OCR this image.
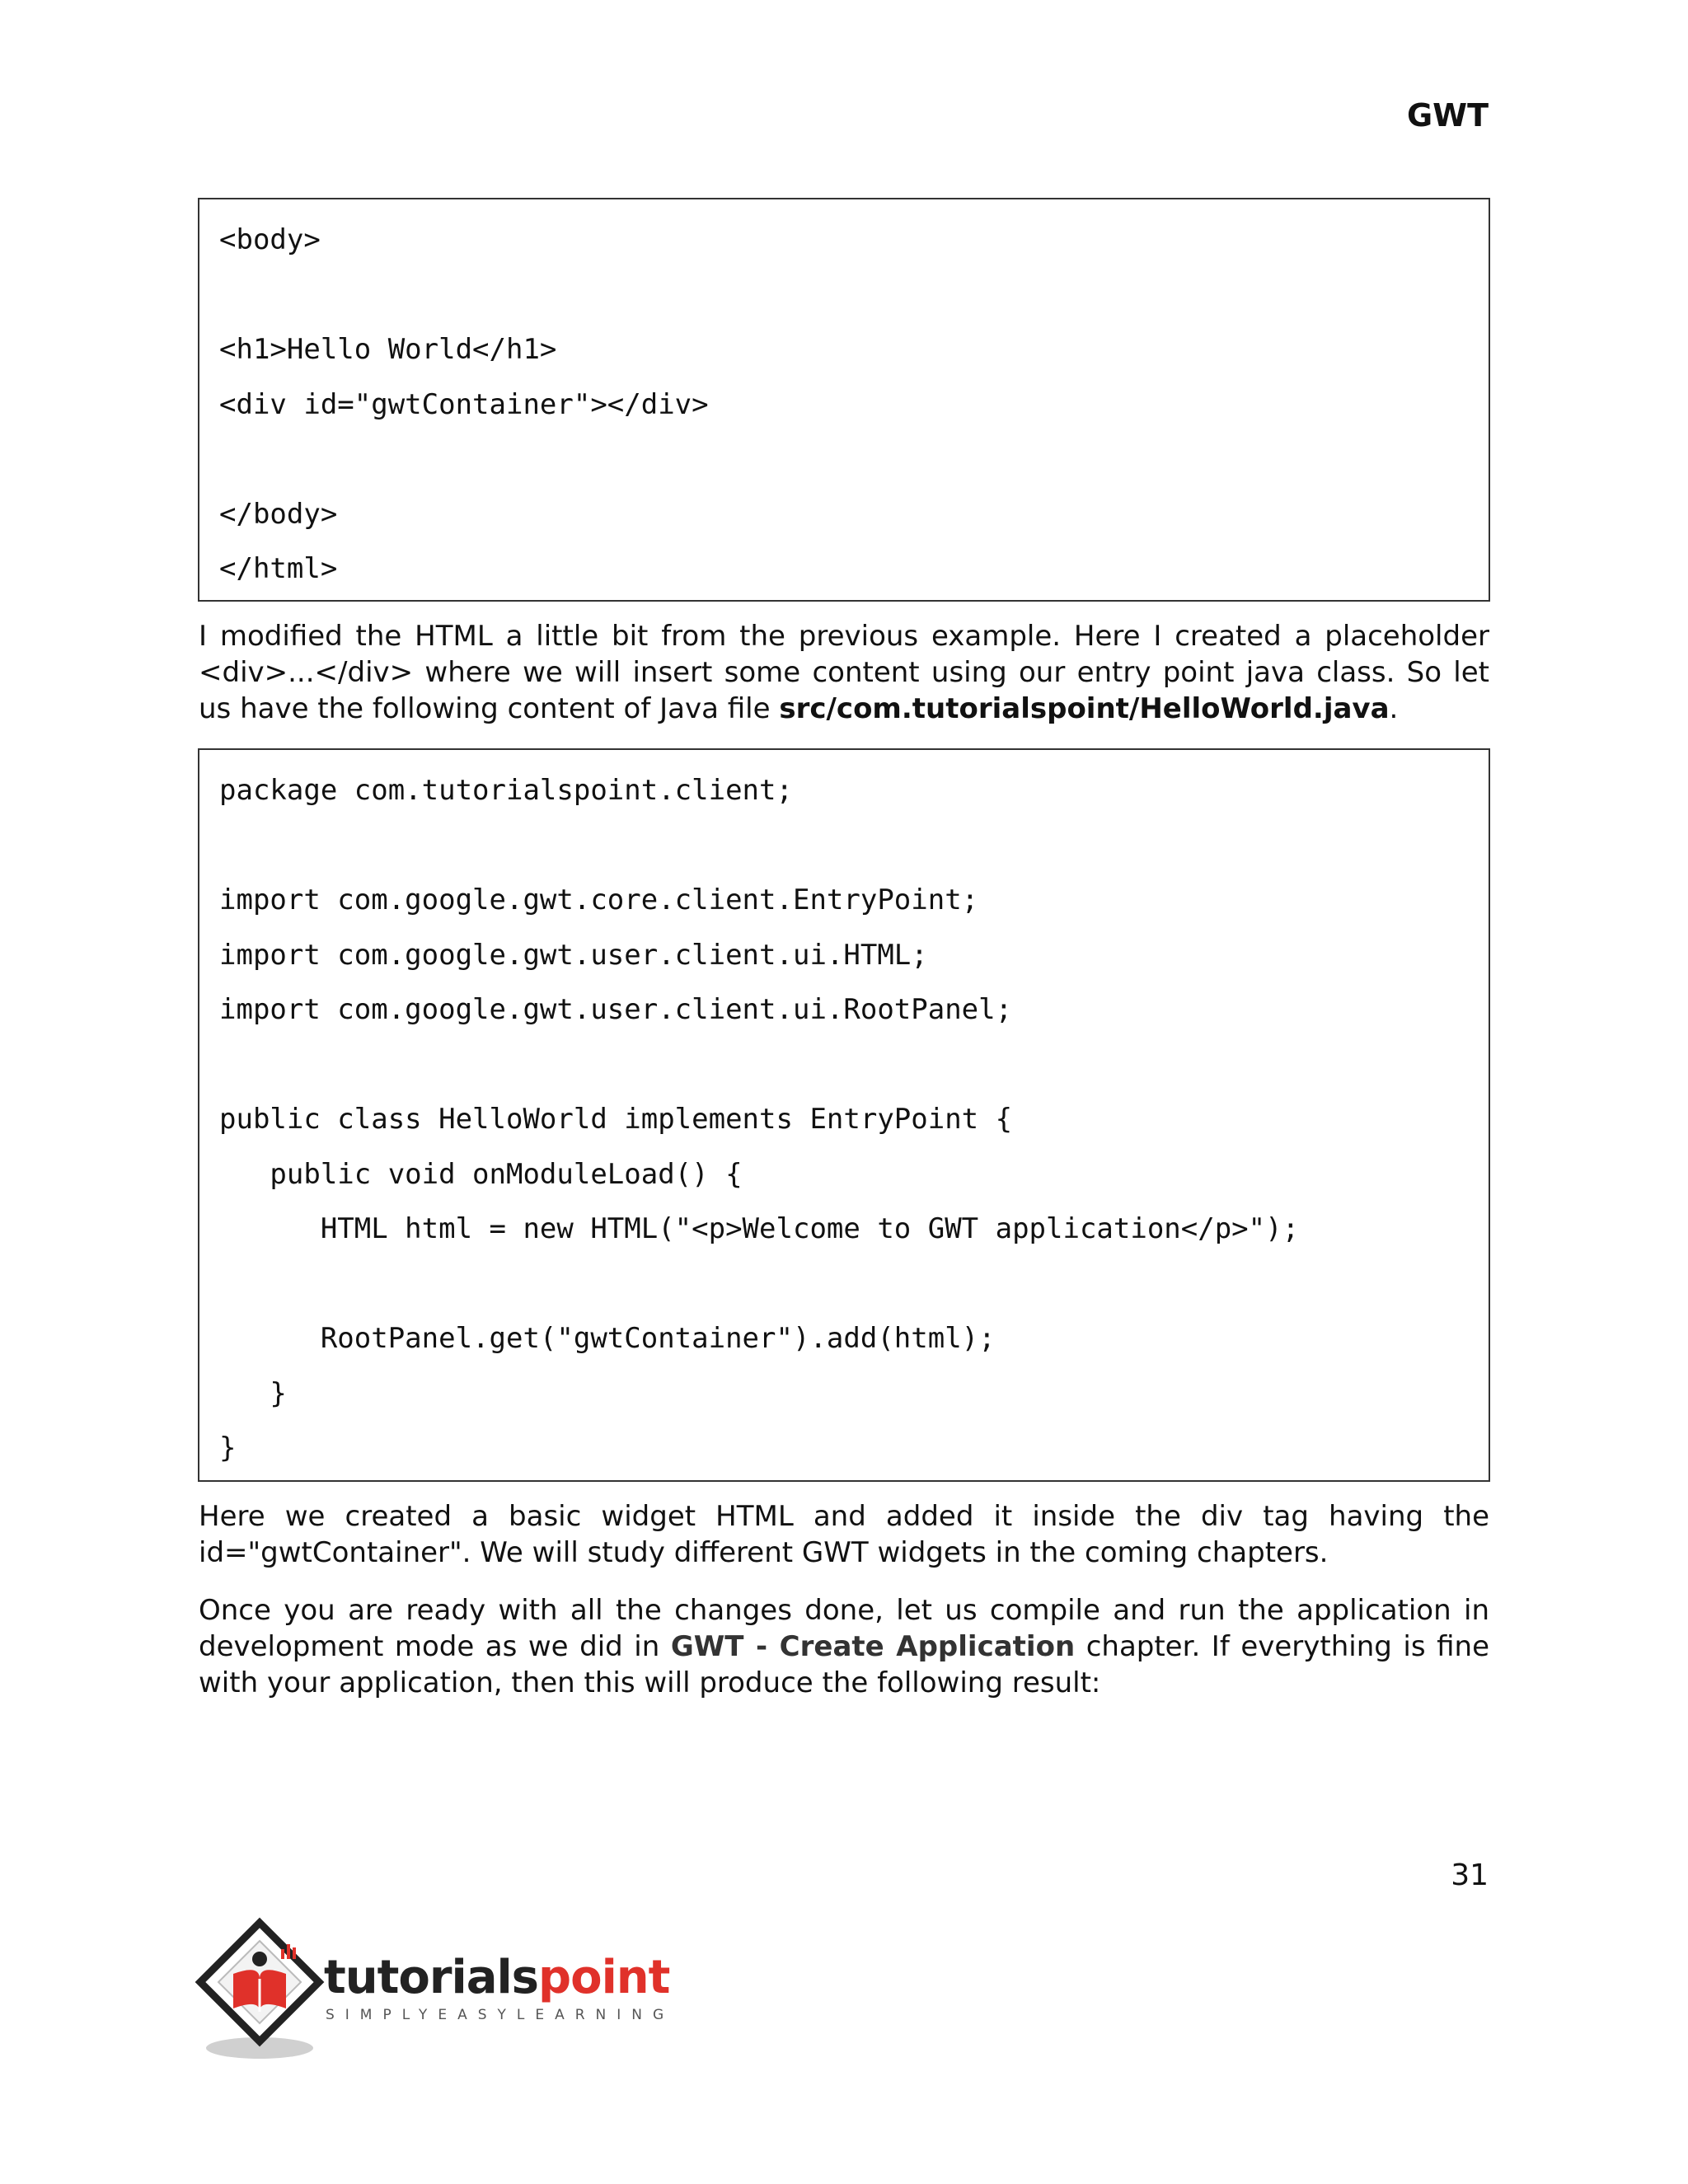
GWT
<body>
<h1>Hello World</h1>
<div id="gwtContainer"></div>
</body>
</html>
I modified the HTML a little bit from the previous example. Here I created a placeholder <div>...</div> where we will insert some content using our entry point java class. So let us have the following content of Java file src/com.tutorialspoint/HelloWorld.java.
package com.tutorialspoint.client;
import com.google.gwt.core.client.EntryPoint;
import com.google.gwt.user.client.ui.HTML;
import com.google.gwt.user.client.ui.RootPanel;
public class HelloWorld implements EntryPoint {
public void onModuleLoad() {
HTML html = new HTML("<p>Welcome to GWT application</p>");
RootPanel.get("gwtContainer").add(html);
}
}
Here we created a basic widget HTML and added it inside the div tag having the id="gwtContainer". We will study different GWT widgets in the coming chapters.
Once you are ready with all the changes done, let us compile and run the application in development mode as we did in GWT - Create Application chapter. If everything is fine with your application, then this will produce the following result:
31
tutorialspoint
SIMPLYEASYLEARNING
